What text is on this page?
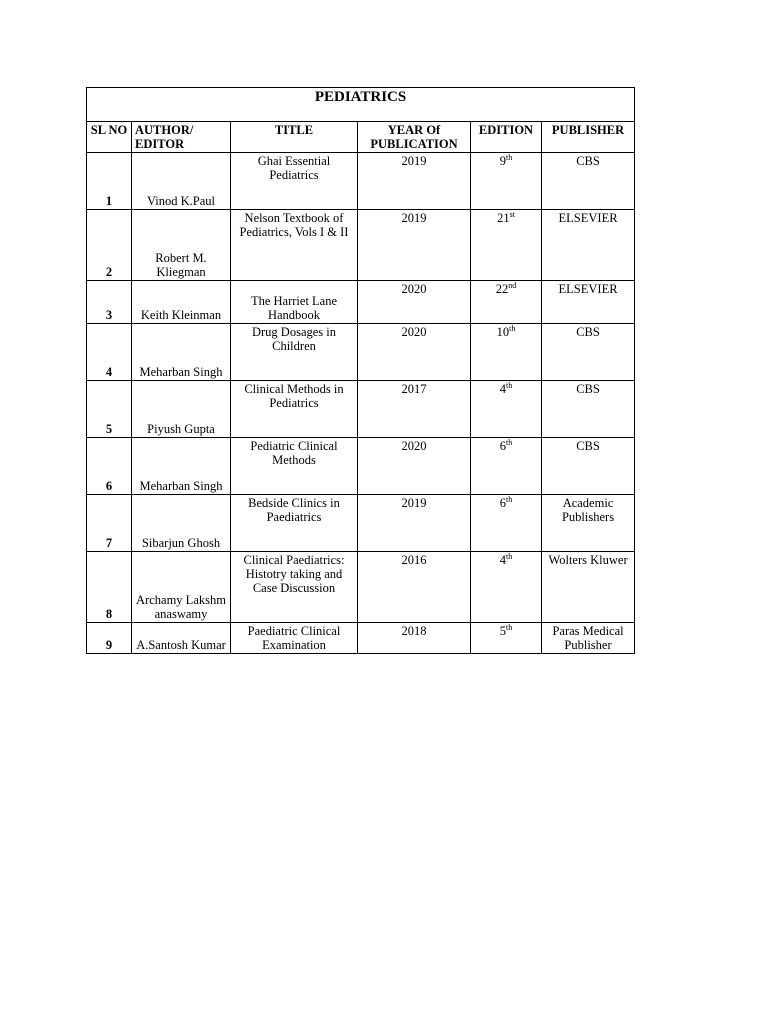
PEDIATRICS					
SL NO	AUTHOR/ EDITOR	TITLE	YEAR Of PUBLICATION	EDITION	PUBLISHER
1	Vinod K.Paul	Ghai Essential Pediatrics	2019	9th	CBS
2	Robert M. Kliegman	Nelson Textbook of Pediatrics, Vols I & II	2019	21st	ELSEVIER
3	Keith Kleinman	The Harriet Lane Handbook	2020	22nd	ELSEVIER
4	Meharban Singh	Drug Dosages in Children	2020	10th	CBS
5	Piyush Gupta	Clinical Methods in Pediatrics	2017	4th	CBS
6	Meharban Singh	Pediatric Clinical Methods	2020	6th	CBS
7	Sibarjun Ghosh	Bedside Clinics in Paediatrics	2019	6th	Academic Publishers
8	Archamy Lakshmanaswamy	Clinical Paediatrics: Histotry taking and Case Discussion	2016	4th	Wolters Kluwer
9	A.Santosh Kumar	Paediatric Clinical Examination	2018	5th	Paras Medical Publisher
